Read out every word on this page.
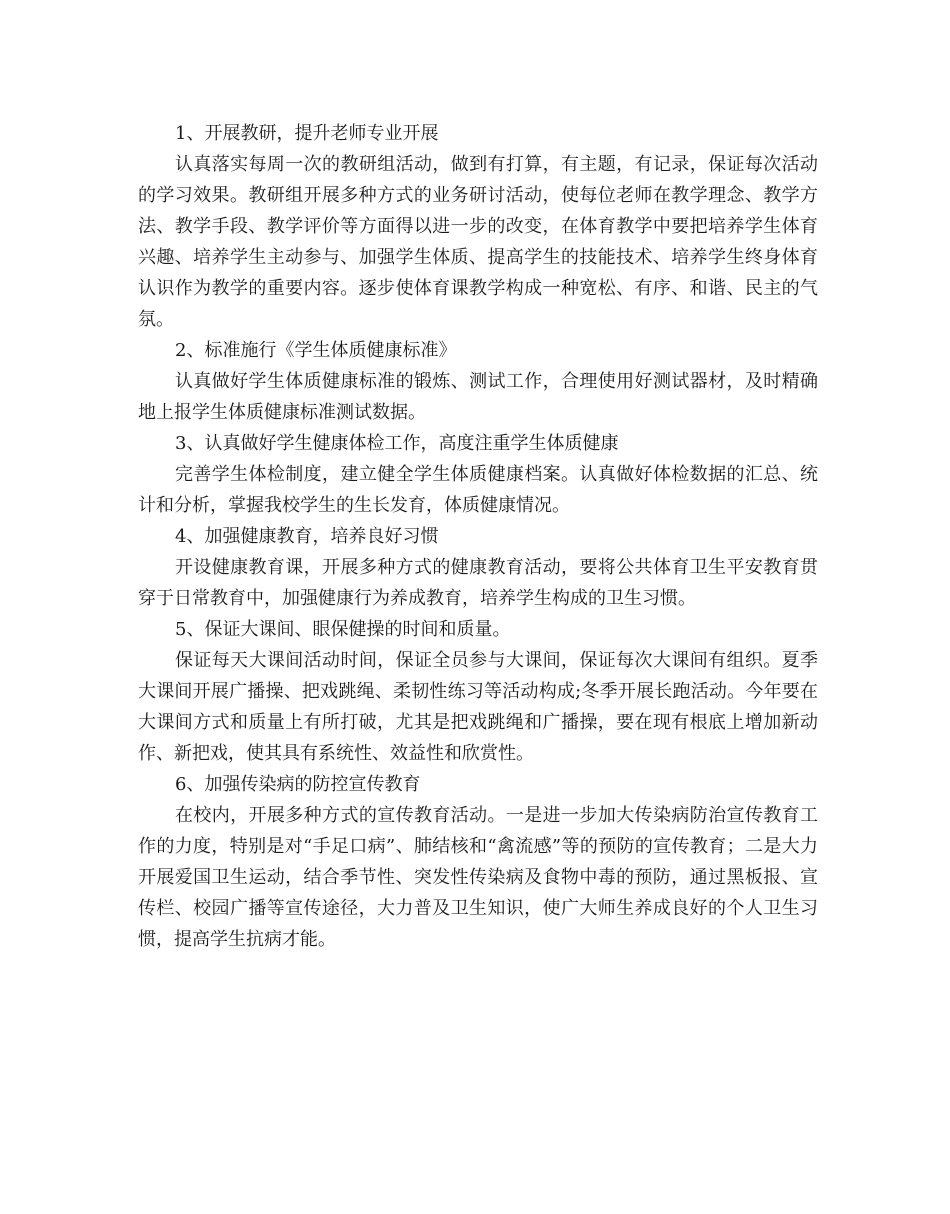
1、开展教研，提升老师专业开展

认真落实每周一次的教研组活动，做到有打算，有主题，有记录，保证每次活动的学习效果。教研组开展多种方式的业务研讨活动，使每位老师在教学理念、教学方法、教学手段、教学评价等方面得以进一步的改变，在体育教学中要把培养学生体育兴趣、培养学生主动参与、加强学生体质、提高学生的技能技术、培养学生终身体育认识作为教学的重要内容。逐步使体育课教学构成一种宽松、有序、和谐、民主的气氛。

2、标准施行《学生体质健康标准》

认真做好学生体质健康标准的锻炼、测试工作，合理使用好测试器材，及时精确地上报学生体质健康标准测试数据。

3、认真做好学生健康体检工作，高度注重学生体质健康

完善学生体检制度，建立健全学生体质健康档案。认真做好体检数据的汇总、统计和分析，掌握我校学生的生长发育，体质健康情况。

4、加强健康教育，培养良好习惯

开设健康教育课，开展多种方式的健康教育活动，要将公共体育卫生平安教育贯穿于日常教育中，加强健康行为养成教育，培养学生构成的卫生习惯。

5、保证大课间、眼保健操的时间和质量。

保证每天大课间活动时间，保证全员参与大课间，保证每次大课间有组织。夏季大课间开展广播操、把戏跳绳、柔韧性练习等活动构成;冬季开展长跑活动。今年要在大课间方式和质量上有所打破，尤其是把戏跳绳和广播操，要在现有根底上增加新动作、新把戏，使其具有系统性、效益性和欣赏性。

6、加强传染病的防控宣传教育

在校内，开展多种方式的宣传教育活动。一是进一步加大传染病防治宣传教育工作的力度，特别是对“手足口病”、肺结核和“禽流感”等的预防的宣传教育；二是大力开展爱国卫生运动，结合季节性、突发性传染病及食物中毒的预防，通过黑板报、宣传栏、校园广播等宣传途径，大力普及卫生知识，使广大师生养成良好的个人卫生习惯，提高学生抗病才能。
